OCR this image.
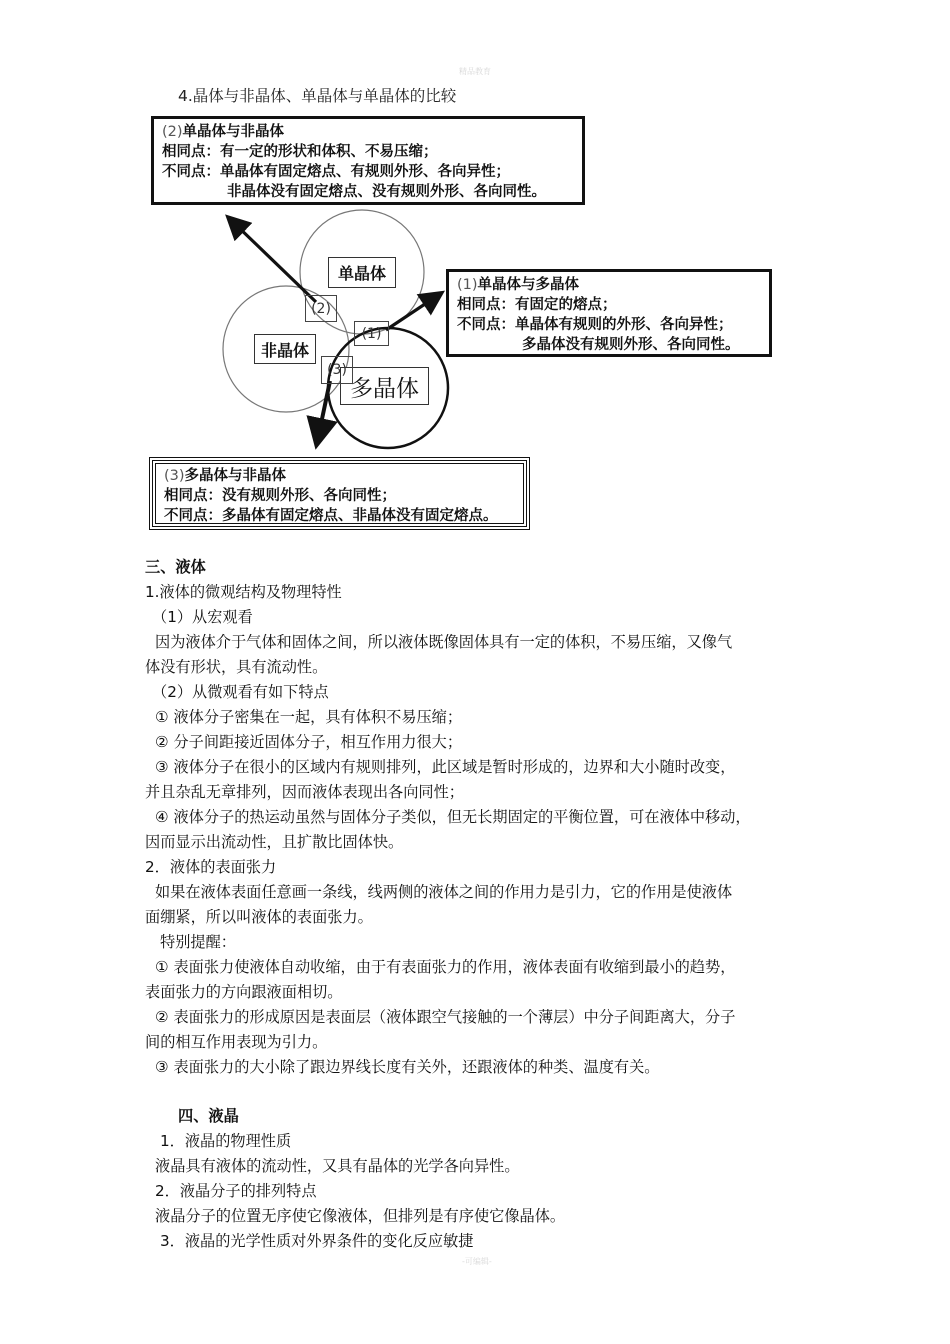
精品教育
4.晶体与非晶体、单晶体与单晶体的比较
单晶体
非晶体
多晶体
(1)
(2)
(3)
(2)单晶体与非晶体
相同点：有一定的形状和体积、不易压缩；
不同点：单晶体有固定熔点、有规则外形、各向异性；
非晶体没有固定熔点、没有规则外形、各向同性。
(1)单晶体与多晶体
相同点：有固定的熔点；
不同点：单晶体有规则的外形、各向异性；
多晶体没有规则外形、各向同性。
(3)多晶体与非晶体
相同点：没有规则外形、各向同性；
不同点：多晶体有固定熔点、非晶体没有固定熔点。
三、液体
1.液体的微观结构及物理特性
（1）从宏观看
因为液体介于气体和固体之间，所以液体既像固体具有一定的体积，不易压缩，又像气
体没有形状，具有流动性。
（2）从微观看有如下特点
① 液体分子密集在一起，具有体积不易压缩；
② 分子间距接近固体分子，相互作用力很大；
③ 液体分子在很小的区域内有规则排列，此区域是暂时形成的，边界和大小随时改变，
并且杂乱无章排列，因而液体表现出各向同性；
④ 液体分子的热运动虽然与固体分子类似，但无长期固定的平衡位置，可在液体中移动，
因而显示出流动性，且扩散比固体快。
2．液体的表面张力
如果在液体表面任意画一条线，线两侧的液体之间的作用力是引力，它的作用是使液体
面绷紧，所以叫液体的表面张力。
特别提醒：
① 表面张力使液体自动收缩，由于有表面张力的作用，液体表面有收缩到最小的趋势，
表面张力的方向跟液面相切。
② 表面张力的形成原因是表面层（液体跟空气接触的一个薄层）中分子间距离大，分子
间的相互作用表现为引力。
③ 表面张力的大小除了跟边界线长度有关外，还跟液体的种类、温度有关。
四、液晶
1．液晶的物理性质
液晶具有液体的流动性，又具有晶体的光学各向异性。
2．液晶分子的排列特点
液晶分子的位置无序使它像液体，但排列是有序使它像晶体。
3．液晶的光学性质对外界条件的变化反应敏捷
-可编辑-
